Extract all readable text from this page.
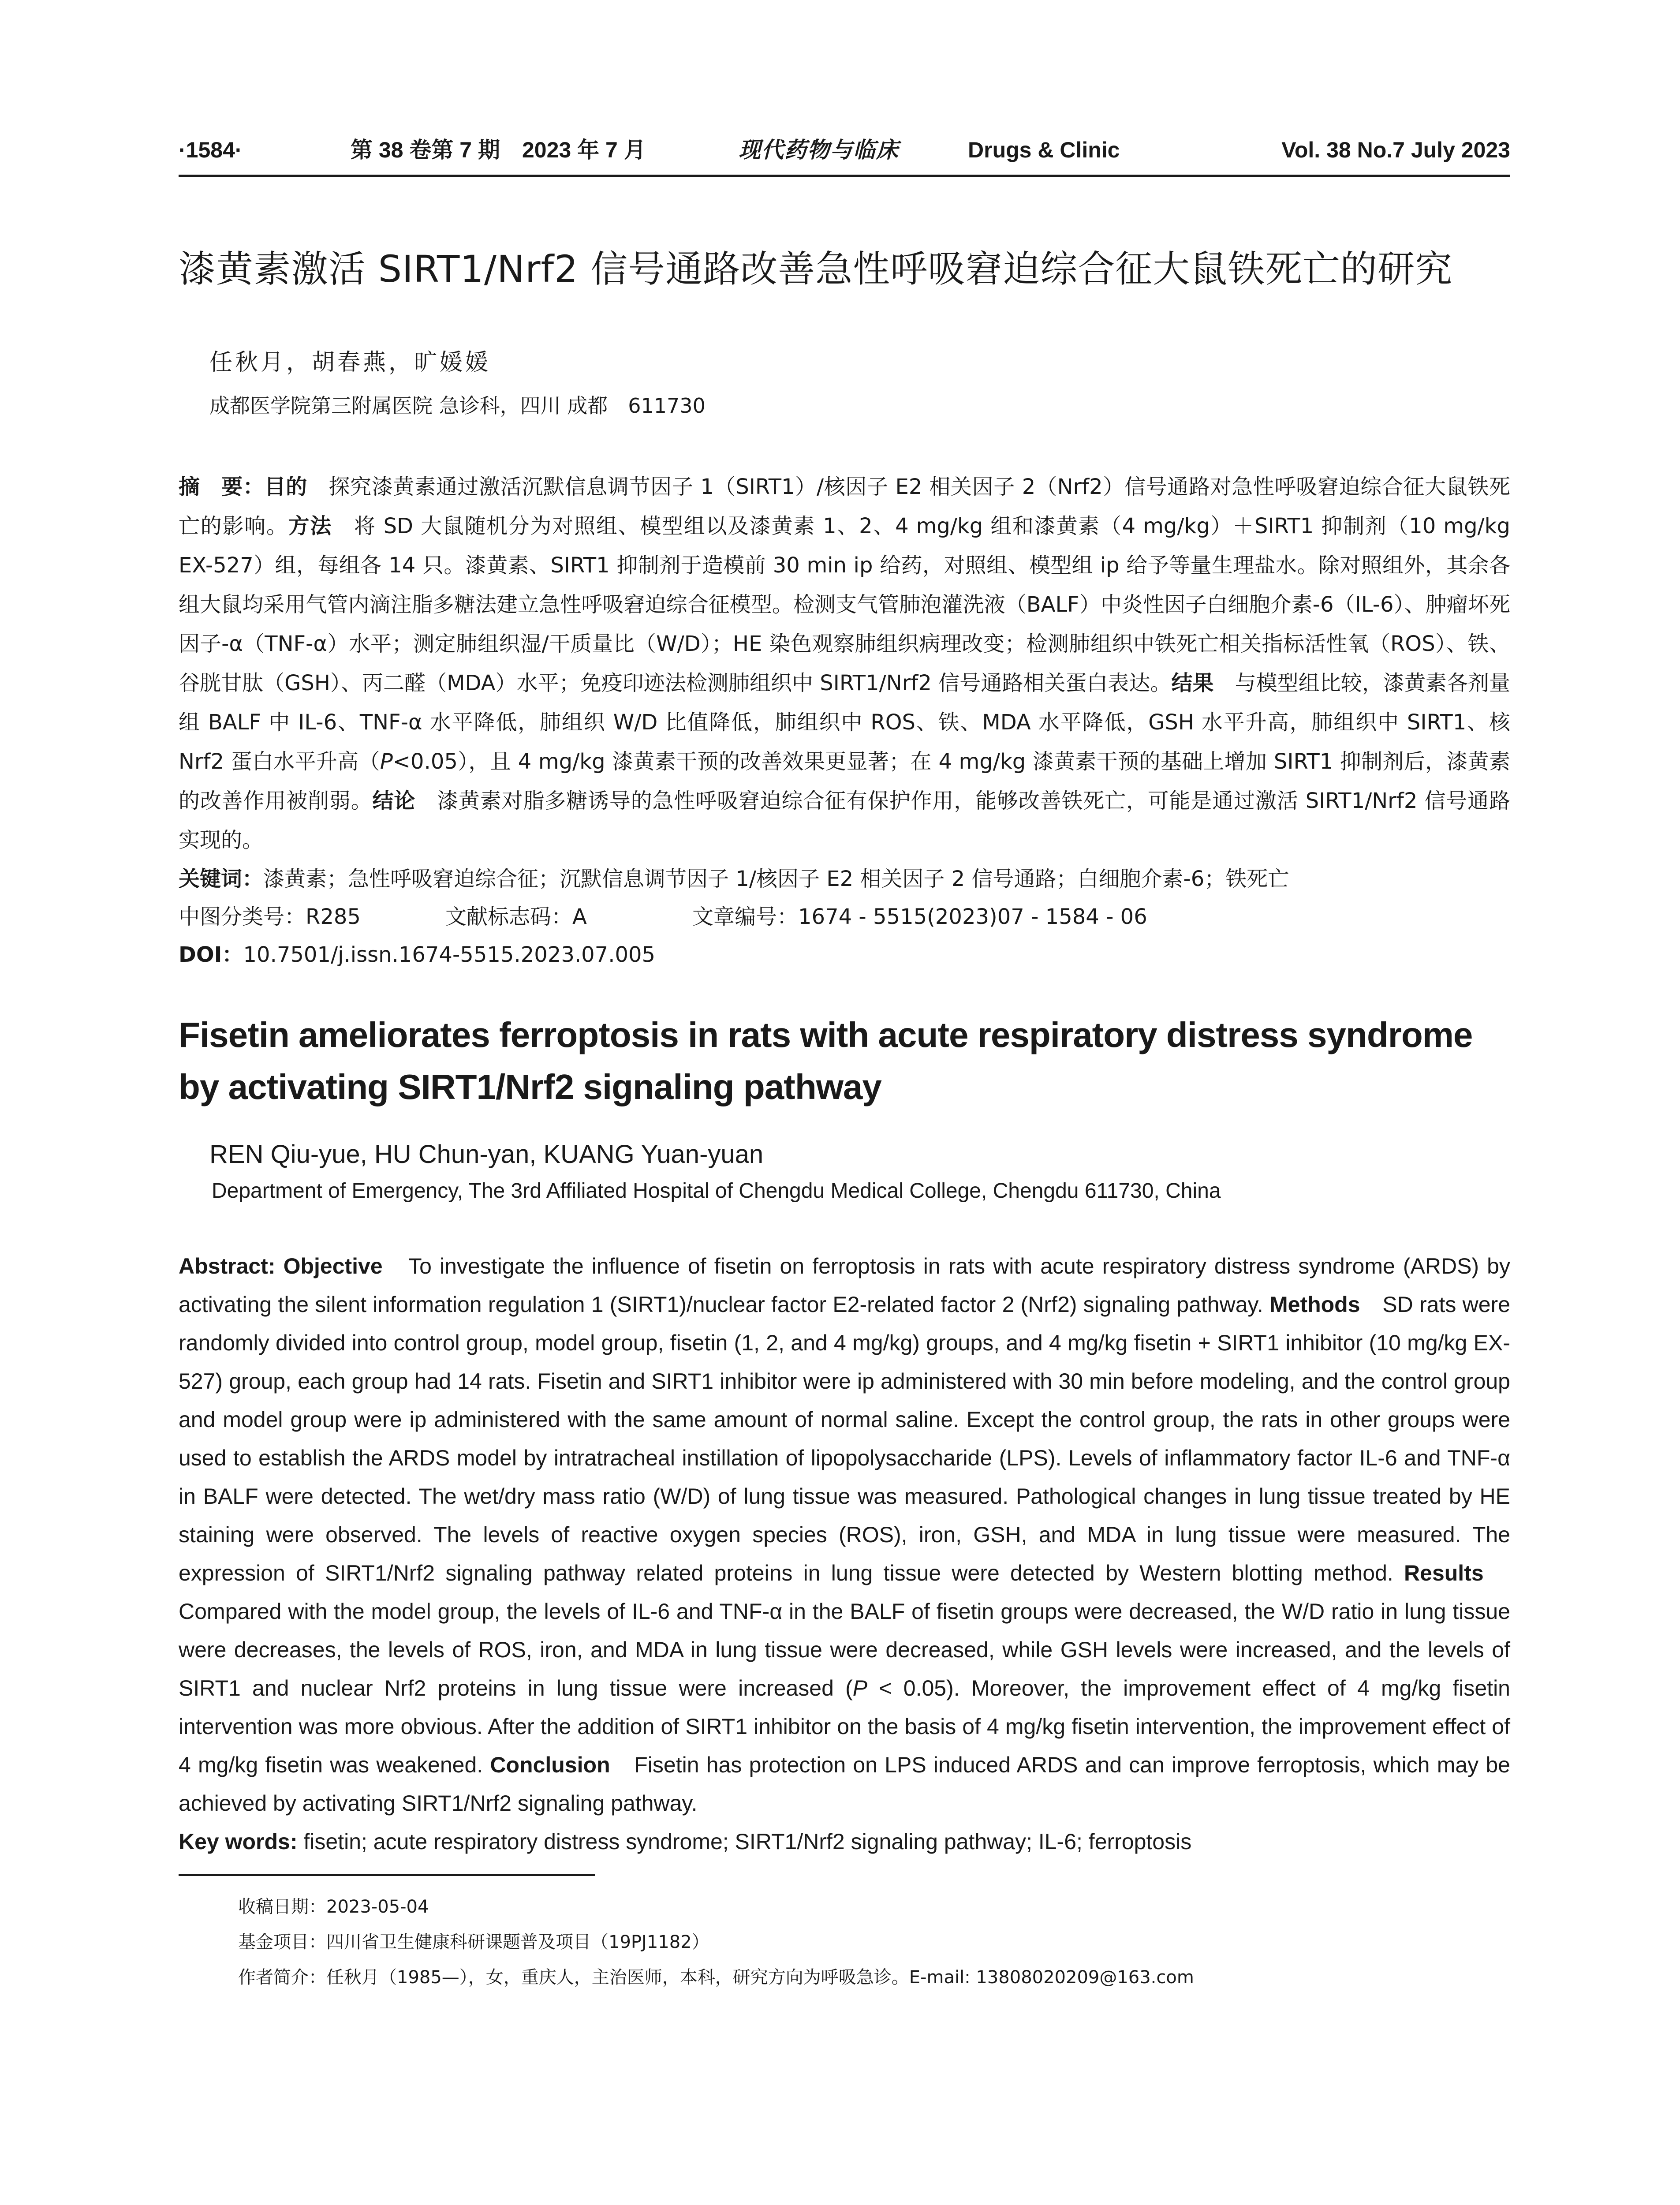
·1584·	第 38 卷第 7 期　2023 年 7 月	现代药物与临床	Drugs & Clinic	Vol. 38 No.7 July 2023
漆黄素激活 SIRT1/Nrf2 信号通路改善急性呼吸窘迫综合征大鼠铁死亡的研究
任秋月，胡春燕，旷媛媛
成都医学院第三附属医院 急诊科，四川 成都　611730
摘　要：目的　探究漆黄素通过激活沉默信息调节因子 1（SIRT1）/核因子 E2 相关因子 2（Nrf2）信号通路对急性呼吸窘迫综合征大鼠铁死亡的影响。方法　将 SD 大鼠随机分为对照组、模型组以及漆黄素 1、2、4 mg/kg 组和漆黄素（4 mg/kg）＋SIRT1 抑制剂（10 mg/kg EX-527）组，每组各 14 只。漆黄素、SIRT1 抑制剂于造模前 30 min ip 给药，对照组、模型组 ip 给予等量生理盐水。除对照组外，其余各组大鼠均采用气管内滴注脂多糖法建立急性呼吸窘迫综合征模型。检测支气管肺泡灌洗液（BALF）中炎性因子白细胞介素-6（IL-6）、肿瘤坏死因子-α（TNF-α）水平；测定肺组织湿/干质量比（W/D）；HE 染色观察肺组织病理改变；检测肺组织中铁死亡相关指标活性氧（ROS）、铁、谷胱甘肽（GSH）、丙二醛（MDA）水平；免疫印迹法检测肺组织中 SIRT1/Nrf2 信号通路相关蛋白表达。结果　与模型组比较，漆黄素各剂量组 BALF 中 IL-6、TNF-α 水平降低，肺组织 W/D 比值降低，肺组织中 ROS、铁、MDA 水平降低，GSH 水平升高，肺组织中 SIRT1、核 Nrf2 蛋白水平升高（P<0.05），且 4 mg/kg 漆黄素干预的改善效果更显著；在 4 mg/kg 漆黄素干预的基础上增加 SIRT1 抑制剂后，漆黄素的改善作用被削弱。结论　漆黄素对脂多糖诱导的急性呼吸窘迫综合征有保护作用，能够改善铁死亡，可能是通过激活 SIRT1/Nrf2 信号通路实现的。
关键词：漆黄素；急性呼吸窘迫综合征；沉默信息调节因子 1/核因子 E2 相关因子 2 信号通路；白细胞介素-6；铁死亡
中图分类号：R285	文献标志码：A	文章编号：1674 - 5515(2023)07 - 1584 - 06
DOI：10.7501/j.issn.1674-5515.2023.07.005
Fisetin ameliorates ferroptosis in rats with acute respiratory distress syndrome by activating SIRT1/Nrf2 signaling pathway
REN Qiu-yue, HU Chun-yan, KUANG Yuan-yuan
Department of Emergency, The 3rd Affiliated Hospital of Chengdu Medical College, Chengdu 611730, China
Abstract: Objective　To investigate the influence of fisetin on ferroptosis in rats with acute respiratory distress syndrome (ARDS) by activating the silent information regulation 1 (SIRT1)/nuclear factor E2-related factor 2 (Nrf2) signaling pathway. Methods　SD rats were randomly divided into control group, model group, fisetin (1, 2, and 4 mg/kg) groups, and 4 mg/kg fisetin + SIRT1 inhibitor (10 mg/kg EX-527) group, each group had 14 rats. Fisetin and SIRT1 inhibitor were ip administered with 30 min before modeling, and the control group and model group were ip administered with the same amount of normal saline. Except the control group, the rats in other groups were used to establish the ARDS model by intratracheal instillation of lipopolysaccharide (LPS). Levels of inflammatory factor IL-6 and TNF-α in BALF were detected. The wet/dry mass ratio (W/D) of lung tissue was measured. Pathological changes in lung tissue treated by HE staining were observed. The levels of reactive oxygen species (ROS), iron, GSH, and MDA in lung tissue were measured. The expression of SIRT1/Nrf2 signaling pathway related proteins in lung tissue were detected by Western blotting method. Results　Compared with the model group, the levels of IL-6 and TNF-α in the BALF of fisetin groups were decreased, the W/D ratio in lung tissue were decreases, the levels of ROS, iron, and MDA in lung tissue were decreased, while GSH levels were increased, and the levels of SIRT1 and nuclear Nrf2 proteins in lung tissue were increased (P < 0.05). Moreover, the improvement effect of 4 mg/kg fisetin intervention was more obvious. After the addition of SIRT1 inhibitor on the basis of 4 mg/kg fisetin intervention, the improvement effect of 4 mg/kg fisetin was weakened. Conclusion　Fisetin has protection on LPS induced ARDS and can improve ferroptosis, which may be achieved by activating SIRT1/Nrf2 signaling pathway.
Key words: fisetin; acute respiratory distress syndrome; SIRT1/Nrf2 signaling pathway; IL-6; ferroptosis
收稿日期：2023-05-04
基金项目：四川省卫生健康科研课题普及项目（19PJ1182）
作者简介：任秋月（1985—），女，重庆人，主治医师，本科，研究方向为呼吸急诊。E-mail: 13808020209@163.com
